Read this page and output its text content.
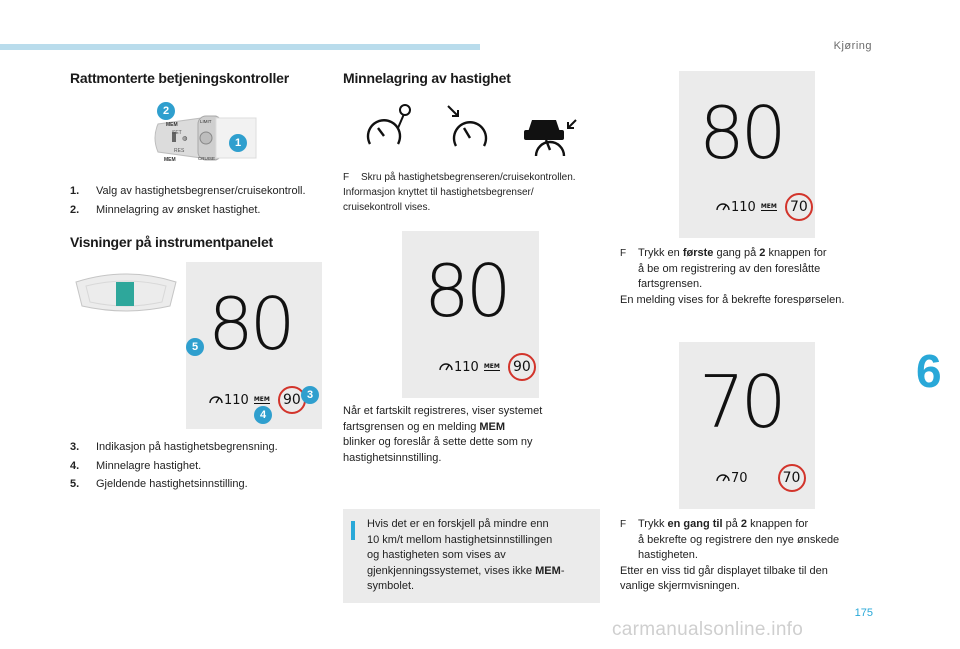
Kjøring
6
Rattmonterte betjeningskontroller
◍
MEM
SET
RES
MEM
LIMIT
CRUISE
2
1
1. Valg av hastighetsbegrenser/cruisekontroll.
2. Minnelagring av ønsket hastighet.
Visninger på instrumentpanelet
80
110 MEM 90
5
3
4
3. Indikasjon på hastighetsbegrensning.
4. Minnelagre hastighet.
5. Gjeldende hastighetsinnstilling.
Minnelagring av hastighet
F Skru på hastighetsbegrenseren/cruisekontrollen.
Informasjon knyttet til hastighetsbegrenser/
cruisekontroll vises.
80
110 MEM 90
Når et fartskilt registreres, viser systemet
fartsgrensen og en melding MEM
blinker og foreslår å sette dette som ny
hastighetsinnstilling.
Hvis det er en forskjell på mindre enn
10 km/t mellom hastighetsinnstillingen
og hastigheten som vises av
gjenkjenningssystemet, vises ikke MEM-
symbolet.
80
110 MEM 70
F Trykk en første gang på 2 knappen for
å be om registrering av den foreslåtte
fartsgrensen.
En melding vises for å bekrefte forespørselen.
70
70	70
F Trykk en gang til på 2 knappen for
å bekrefte og registrere den nye ønskede
hastigheten.
Etter en viss tid går displayet tilbake til den
vanlige skjermvisningen.
175
carmanualsonline.info
